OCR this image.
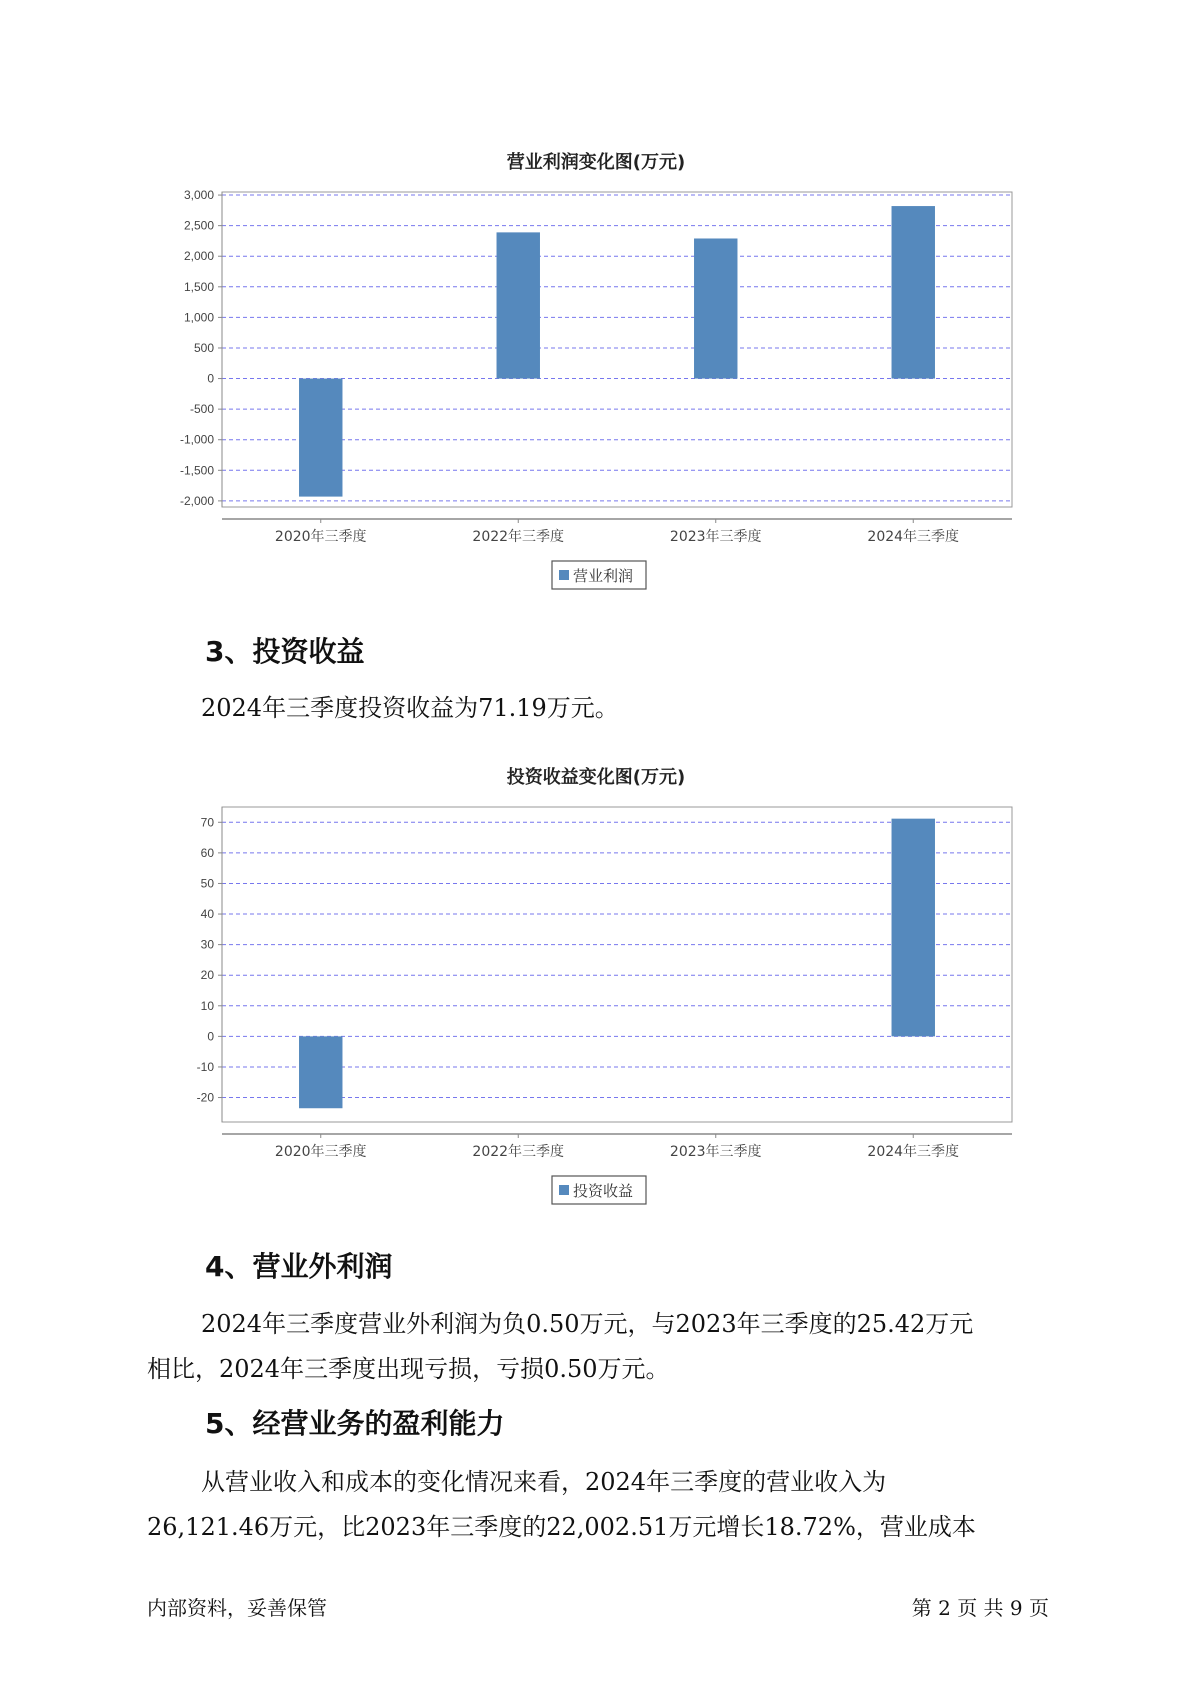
营业利润变化图(万元)
-2,000
-1,500
-1,000
-500
0
500
1,000
1,500
2,000
2,500
3,000
2020年三季度	2022年三季度	2023年三季度	2024年三季度
营业利润
3、投资收益

2024年三季度投资收益为71.19万元。

投资收益变化图(万元)
-20
-10
0
10
20
30
40
50
60
70
2020年三季度	2022年三季度	2023年三季度	2024年三季度
投资收益
4、营业外利润

2024年三季度营业外利润为负0.50万元，与2023年三季度的25.42万元

相比，2024年三季度出现亏损，亏损0.50万元。

5、经营业务的盈利能力

从营业收入和成本的变化情况来看，2024年三季度的营业收入为

26,121.46万元，比2023年三季度的22,002.51万元增长18.72%，营业成本

内部资料，妥善保管	第 2 页 共 9 页
